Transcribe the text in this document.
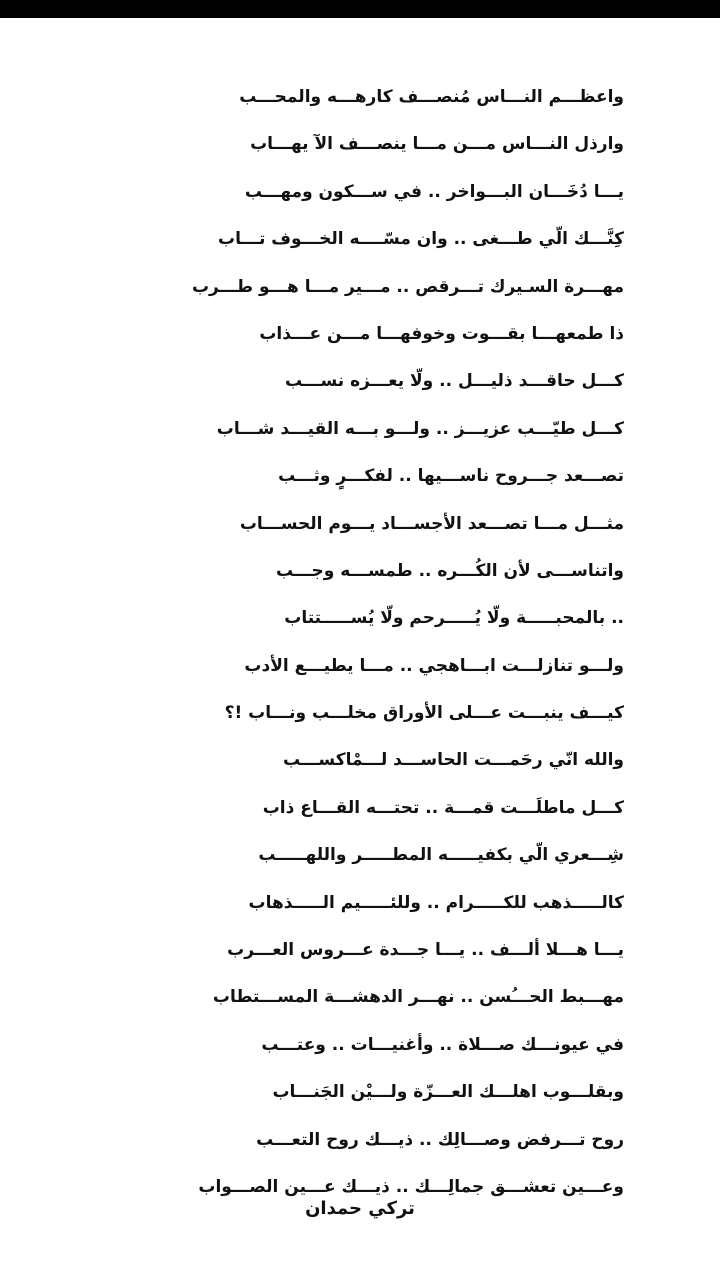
واعظـــم النـــاس مُنصـــف كارهـــه والمحـــب
وارذل النـــاس مـــن مـــا ينصـــف الآ يهـــاب
يـــا دُخَـــان البـــواخر .. في ســـكون ومهـــب
كِنَّـــك الّي طـــغى .. وان مسّــــه الخـــوف تـــاب
مهـــرة السـيرك تـــرقص .. مـــير مـــا هـــو طـــرب
ذا طمعهـــا بقـــوت وخوفهـــا مـــن عـــذاب
كـــل حاقـــد ذليـــل .. ولّا يعـــزه نســـب
كـــل طيّـــب عزيـــز .. ولـــو بـــه القيـــد شـــاب
تصـــعد جـــروح ناســـيها .. لفكـــرٍ وثـــب
مثـــل مـــا تصـــعد الأجســـاد يـــوم الحســـاب
واتناســـى لأن الكُـــره .. طمســـه وجـــب
.. بالمحبـــــة ولّا يُـــــرحم ولّا يُســـــتتاب
ولـــو تنازلـــت ابـــاهجي .. مـــا يطيـــع الأدب
كيـــف ينبـــت عـــلى الأوراق مخلـــب ونـــاب !؟
والله انّي رحَمـــت الحاســـد لـــمْاكســـب
كـــل ماطلَـــت قمـــة .. تحتـــه القـــاع ذاب
شِـــعري الّي بكفيـــــه المطـــــر واللهـــــب
كالـــــذهب للكـــــرام .. وللئـــــيم الـــــذهاب
يـــا هـــلا ألـــف .. يـــا جـــدة عـــروس العـــرب
مهـــبط الحـــُسن .. نهـــر الدهشـــة المســـتطاب
في عيونـــك صـــلاة .. وأغنيـــات .. وعتـــب
وبقلـــوب اهلـــك العـــزّة ولـــيْن الجَنـــاب
روح تـــرفض وصـــالِك .. ذيـــك روح التعـــب
وعـــين تعشـــق جمالِـــك .. ذيـــك عـــين الصـــواب
تركي حمدان
